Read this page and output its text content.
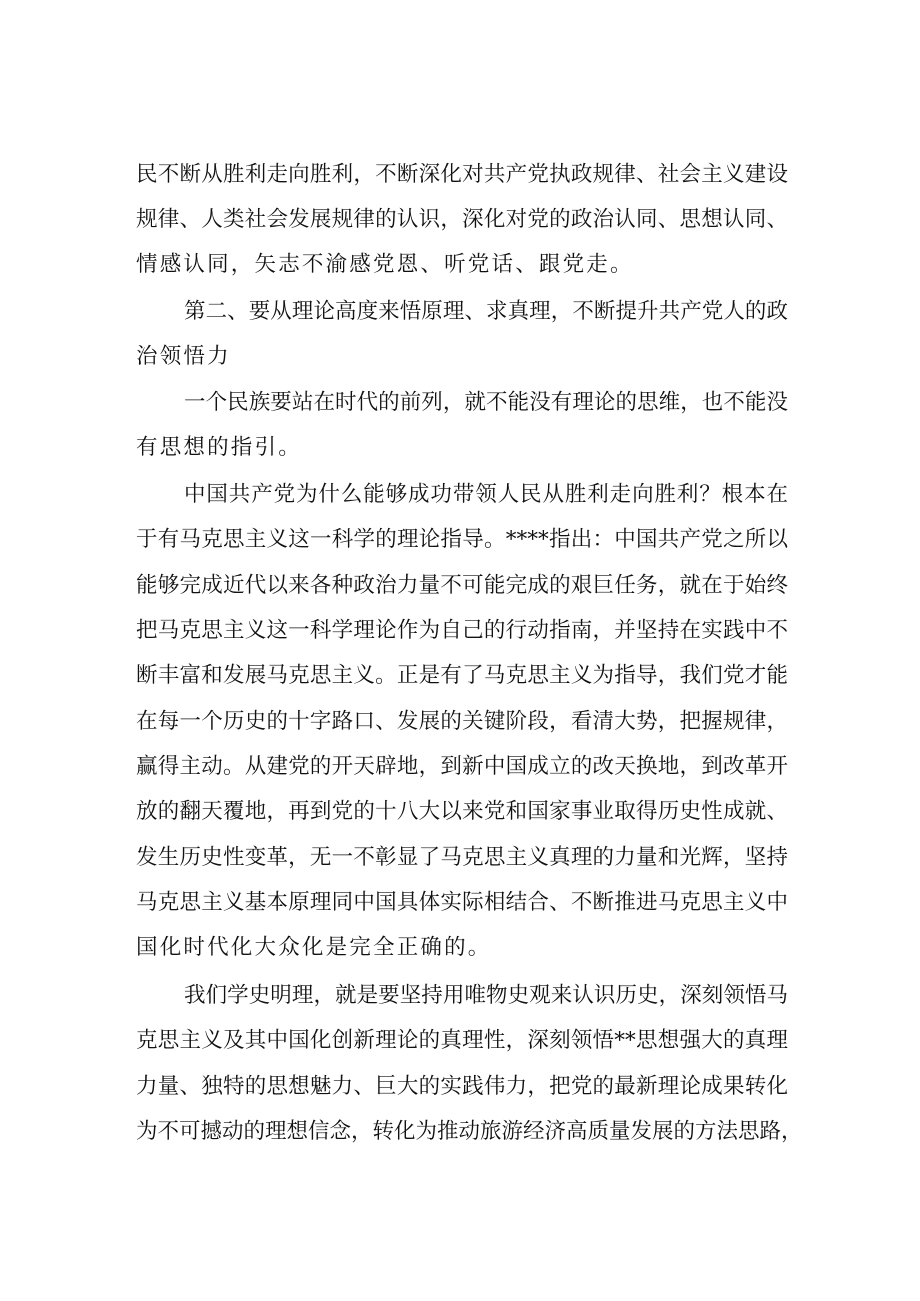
民不断从胜利走向胜利，不断深化对共产党执政规律、社会主义建设
规律、人类社会发展规律的认识，深化对党的政治认同、思想认同、
情感认同，矢志不渝感党恩、听党话、跟党走。
第二、要从理论高度来悟原理、求真理，不断提升共产党人的政
治领悟力
一个民族要站在时代的前列，就不能没有理论的思维，也不能没
有思想的指引。
中国共产党为什么能够成功带领人民从胜利走向胜利？根本在
于有马克思主义这一科学的理论指导。****指出：中国共产党之所以
能够完成近代以来各种政治力量不可能完成的艰巨任务，就在于始终
把马克思主义这一科学理论作为自己的行动指南，并坚持在实践中不
断丰富和发展马克思主义。正是有了马克思主义为指导，我们党才能
在每一个历史的十字路口、发展的关键阶段，看清大势，把握规律，
赢得主动。从建党的开天辟地，到新中国成立的改天换地，到改革开
放的翻天覆地，再到党的十八大以来党和国家事业取得历史性成就、
发生历史性变革，无一不彰显了马克思主义真理的力量和光辉，坚持
马克思主义基本原理同中国具体实际相结合、不断推进马克思主义中
国化时代化大众化是完全正确的。
我们学史明理，就是要坚持用唯物史观来认识历史，深刻领悟马
克思主义及其中国化创新理论的真理性，深刻领悟**思想强大的真理
力量、独特的思想魅力、巨大的实践伟力，把党的最新理论成果转化
为不可撼动的理想信念，转化为推动旅游经济高质量发展的方法思路，
